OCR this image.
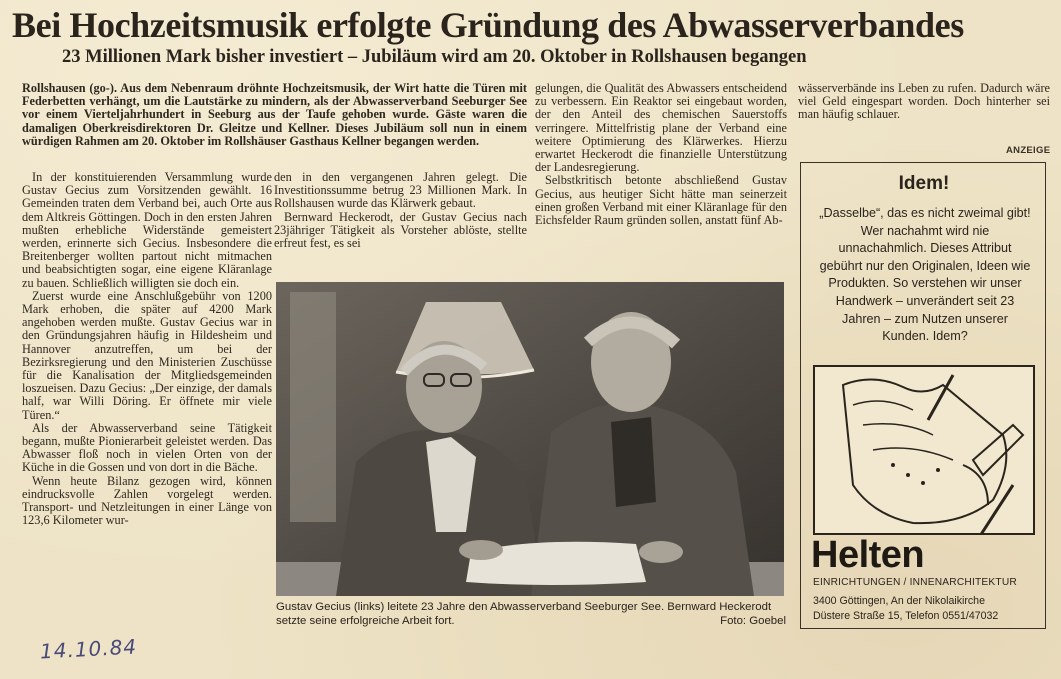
Bei Hochzeitsmusik erfolgte Gründung des Abwasserverbandes
23 Millionen Mark bisher investiert – Jubiläum wird am 20. Oktober in Rollshausen begangen
Rollshausen (go-). Aus dem Nebenraum dröhnte Hochzeitsmusik, der Wirt hatte die Türen mit Federbetten verhängt, um die Lautstärke zu mindern, als der Abwasserverband Seeburger See vor einem Vierteljahrhundert in Seeburg aus der Taufe gehoben wurde. Gäste waren die damaligen Oberkreisdirektoren Dr. Gleitze und Kellner. Dieses Jubiläum soll nun in einem würdigen Rahmen am 20. Oktober im Rollshäuser Gasthaus Kellner begangen werden.

In der konstituierenden Versammlung wurde Gustav Gecius zum Vorsitzenden gewählt. 16 Gemeinden traten dem Verband bei, auch Orte aus dem Altkreis Göttingen. Doch in den ersten Jahren mußten erhebliche Widerstände gemeistert werden, erinnerte sich Gecius. Insbesondere die Breitenberger wollten partout nicht mitmachen und beabsichtigten sogar, eine eigene Kläranlage zu bauen. Schließlich willigten sie doch ein.

Zuerst wurde eine Anschlußgebühr von 1200 Mark erhoben, die später auf 4200 Mark angehoben werden mußte. Gustav Gecius war in den Gründungsjahren häufig in Hildesheim und Hannover anzutreffen, um bei der Bezirksregierung und den Ministerien Zuschüsse für die Kanalisation der Mitgliedsgemeinden loszueisen. Dazu Gecius: „Der einzige, der damals half, war Willi Döring. Er öffnete mir viele Türen.“

Als der Abwasserverband seine Tätigkeit begann, mußte Pionierarbeit geleistet werden. Das Abwasser floß noch in vielen Orten von der Küche in die Gossen und von dort in die Bäche.

Wenn heute Bilanz gezogen wird, können eindrucksvolle Zahlen vorgelegt werden. Transport- und Netzleitungen in einer Länge von 123,6 Kilometer wur-

den in den vergangenen Jahren gelegt. Die Investitionssumme betrug 23 Millionen Mark. In Rollshausen wurde das Klärwerk gebaut.

Bernward Heckerodt, der Gustav Gecius nach 23jähriger Tätigkeit als Vorsteher ablöste, stellte erfreut fest, es sei

gelungen, die Qualität des Abwassers entscheidend zu verbessern. Ein Reaktor sei eingebaut worden, der den Anteil des chemischen Sauerstoffs verringere. Mittelfristig plane der Verband eine weitere Optimierung des Klärwerkes. Hierzu erwartet Heckerodt die finanzielle Unterstützung der Landesregierung.

Selbstkritisch betonte abschließend Gustav Gecius, aus heutiger Sicht hätte man seinerzeit einen großen Verband mit einer Kläranlage für den Eichsfelder Raum gründen sollen, anstatt fünf Ab-

wässerverbände ins Leben zu rufen. Dadurch wäre viel Geld eingespart worden. Doch hinterher sei man häufig schlauer.

Gustav Gecius (links) leitete 23 Jahre den Abwasserverband Seeburger See. Bernward Heckerodt setzte seine erfolgreiche Arbeit fort.	Foto: Goebel
ANZEIGE
Idem!
„Dasselbe“, das es nicht zweimal gibt! Wer nachahmt wird nie unnachahmlich. Dieses Attribut gebührt nur den Originalen, Ideen wie Produkten. So verstehen wir unser Handwerk – unverändert seit 23 Jahren – zum Nutzen unserer Kunden. Idem?
Helten
EINRICHTUNGEN / INNENARCHITEKTUR
3400 Göttingen, An der Nikolaikirche
Düstere Straße 15, Telefon 0551/47032
14.10.84
